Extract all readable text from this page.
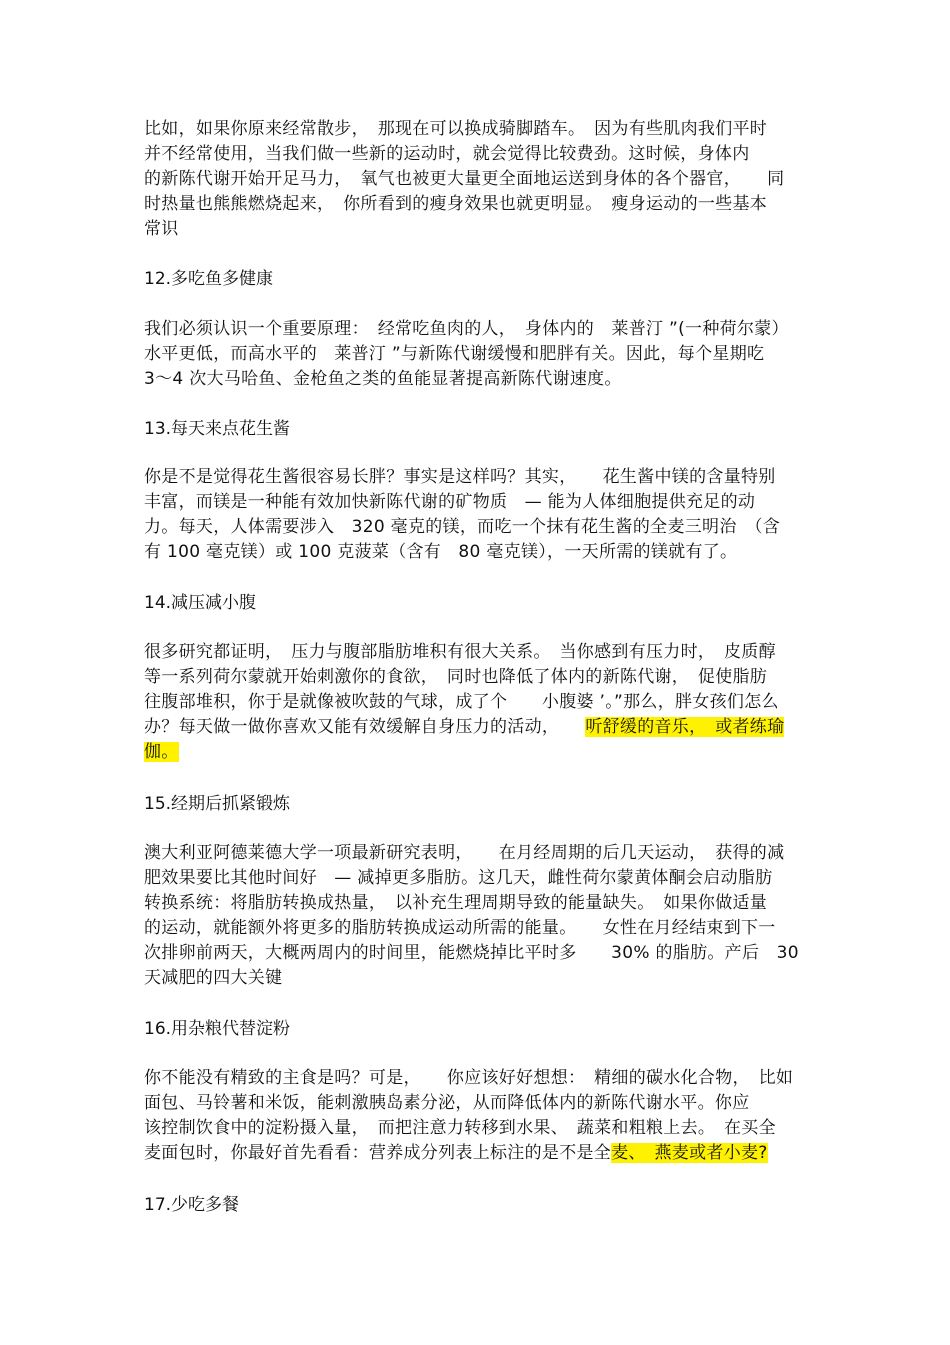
比如，如果你原来经常散步，　那现在可以换成骑脚踏车。　因为有些肌肉我们平时
并不经常使用，当我们做一些新的运动时，就会觉得比较费劲。这时候，身体内
的新陈代谢开始开足马力，　氧气也被更大量更全面地运送到身体的各个器官，　　同
时热量也熊熊燃烧起来，　你所看到的瘦身效果也就更明显。　瘦身运动的一些基本
常识
12.多吃鱼多健康
我们必须认识一个重要原理：　经常吃鱼肉的人，　身体内的　莱普汀 ”(一种荷尔蒙）
水平更低，而高水平的　莱普汀 ”与新陈代谢缓慢和肥胖有关。因此，每个星期吃
3～4 次大马哈鱼、金枪鱼之类的鱼能显著提高新陈代谢速度。
13.每天来点花生酱
你是不是觉得花生酱很容易长胖？事实是这样吗？其实，　　花生酱中镁的含量特别
丰富，而镁是一种能有效加快新陈代谢的矿物质　— 能为人体细胞提供充足的动
力。每天，人体需要涉入　320 毫克的镁，而吃一个抹有花生酱的全麦三明治　（含
有 100 毫克镁）或 100 克菠菜（含有　80 毫克镁），一天所需的镁就有了。
14.减压减小腹
很多研究都证明，　压力与腹部脂肪堆积有很大关系。　当你感到有压力时，　皮质醇
等一系列荷尔蒙就开始刺激你的食欲，　同时也降低了体内的新陈代谢，　促使脂肪
往腹部堆积，你于是就像被吹鼓的气球，成了个　　小腹婆 ’。”那么，胖女孩们怎么
办？每天做一做你喜欢又能有效缓解自身压力的活动，　　听舒缓的音乐，　或者练瑜
伽。
15.经期后抓紧锻炼
澳大利亚阿德莱德大学一项最新研究表明，　　在月经周期的后几天运动，　获得的减
肥效果要比其他时间好　— 减掉更多脂肪。这几天，雌性荷尔蒙黄体酮会启动脂肪
转换系统：将脂肪转换成热量，　以补充生理周期导致的能量缺失。　如果你做适量
的运动，就能额外将更多的脂肪转换成运动所需的能量。　　女性在月经结束到下一
次排卵前两天，大概两周内的时间里，能燃烧掉比平时多　　30% 的脂肪。产后　30
天减肥的四大关键
16.用杂粮代替淀粉
你不能没有精致的主食是吗？可是，　　你应该好好想想：　精细的碳水化合物，　比如
面包、马铃薯和米饭，能刺激胰岛素分泌，从而降低体内的新陈代谢水平。你应
该控制饮食中的淀粉摄入量，　而把注意力转移到水果、　蔬菜和粗粮上去。　在买全
麦面包时，你最好首先看看：营养成分列表上标注的是不是全麦、　燕麦或者小麦?
17.少吃多餐
